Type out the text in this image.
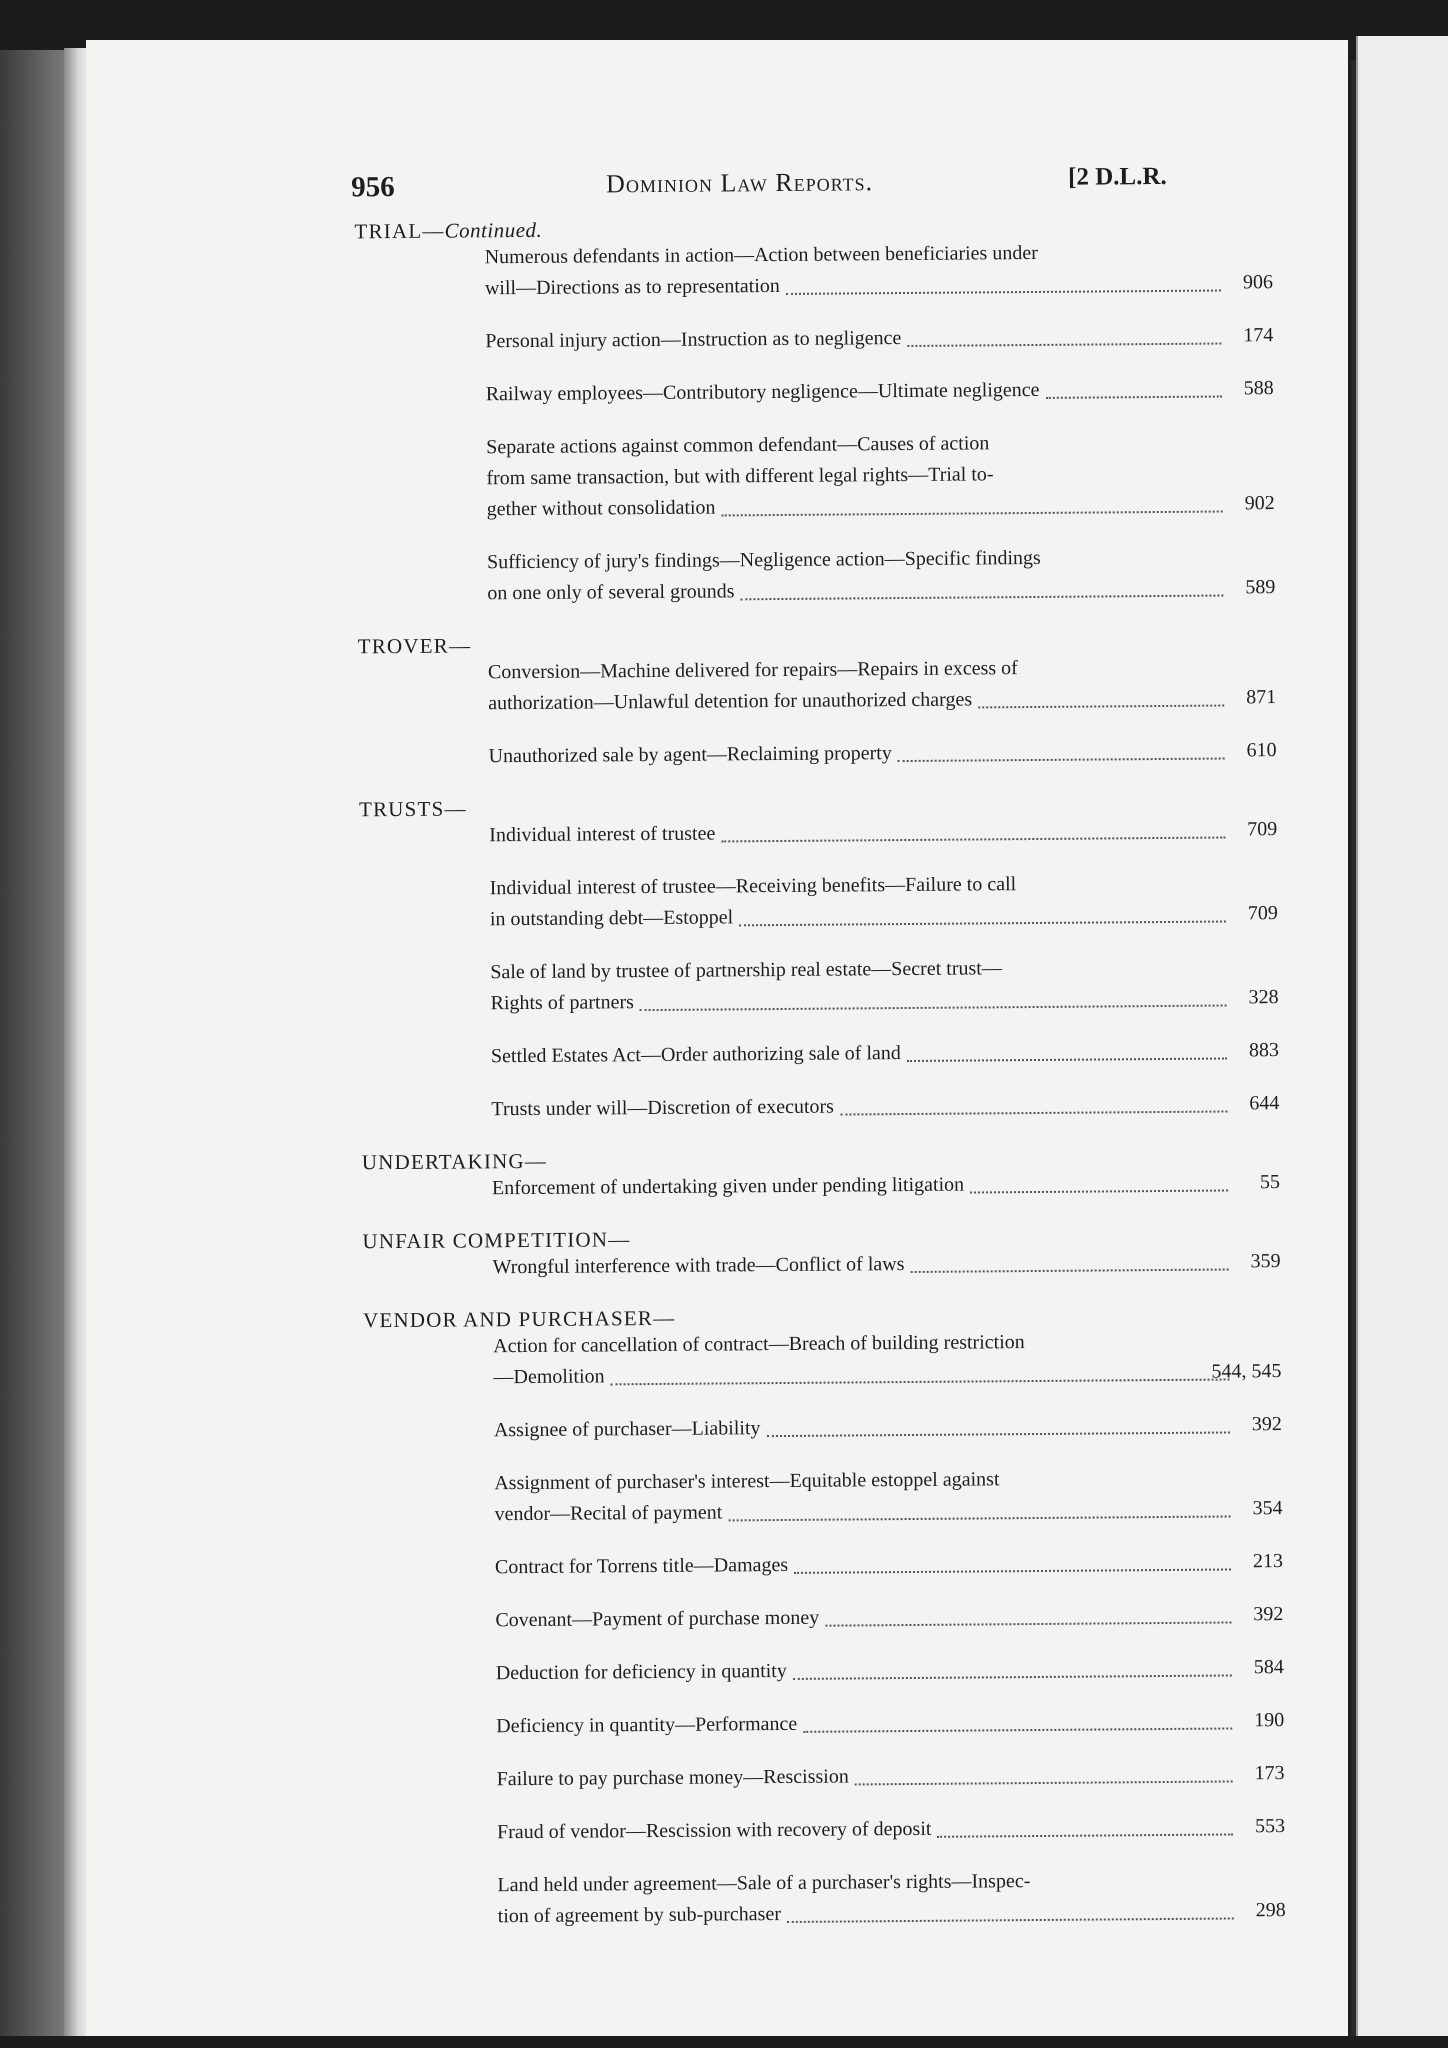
956	Dominion Law Reports.	[2 D.L.R.
TRIAL—Continued.
Numerous defendants in action—Action between beneficiaries under
will—Directions as to representation	906
Personal injury action—Instruction as to negligence	174
Railway employees—Contributory negligence—Ultimate negligence	588
Separate actions against common defendant—Causes of action
from same transaction, but with different legal rights—Trial to-
gether without consolidation	902
Sufficiency of jury's findings—Negligence action—Specific findings
on one only of several grounds	589
TROVER—
Conversion—Machine delivered for repairs—Repairs in excess of
authorization—Unlawful detention for unauthorized charges	871
Unauthorized sale by agent—Reclaiming property	610
TRUSTS—
Individual interest of trustee	709
Individual interest of trustee—Receiving benefits—Failure to call
in outstanding debt—Estoppel	709
Sale of land by trustee of partnership real estate—Secret trust—
Rights of partners	328
Settled Estates Act—Order authorizing sale of land	883
Trusts under will—Discretion of executors	644
UNDERTAKING—
Enforcement of undertaking given under pending litigation	55
UNFAIR COMPETITION—
Wrongful interference with trade—Conflict of laws	359
VENDOR AND PURCHASER—
Action for cancellation of contract—Breach of building restriction
—Demolition	544, 545
Assignee of purchaser—Liability	392
Assignment of purchaser's interest—Equitable estoppel against
vendor—Recital of payment	354
Contract for Torrens title—Damages	213
Covenant—Payment of purchase money	392
Deduction for deficiency in quantity	584
Deficiency in quantity—Performance	190
Failure to pay purchase money—Rescission	173
Fraud of vendor—Rescission with recovery of deposit	553
Land held under agreement—Sale of a purchaser's rights—Inspec-
tion of agreement by sub-purchaser	298
